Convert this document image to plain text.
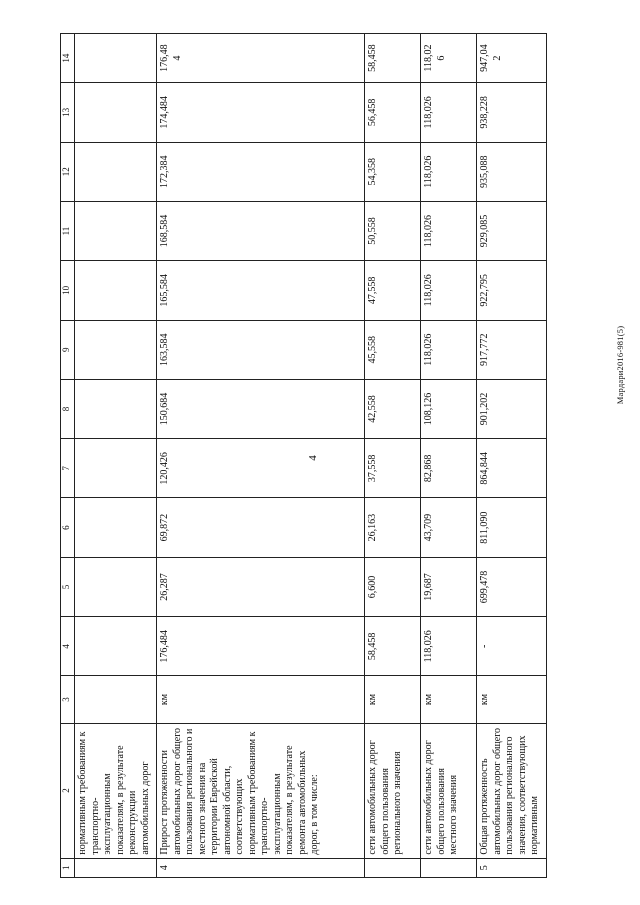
4
Мардари2016-981(5)
1	2	3	4	5	6	7	8	9	10	11	12	13	14
	нормативным требованиям к транспортно-эксплуатационным показателям, в результате реконструкции автомобильных дорог												
4	Прирост протяженности автомобильных дорог общего пользования регионального и местного значения на территории Еврейской автономной области, соответствующих нормативным требованиям к транспортно-эксплуатационным показателям, в результате ремонта автомобильных дорог, в том числе:	км	176,484	26,287	69,872	120,426	150,684	163,584	165,584	168,584	172,384	174,484	176,48
4
	сети автомобильных дорог общего пользования регионального значения	км	58,458	6,600	26,163	37,558	42,558	45,558	47,558	50,558	54,358	56,458	58,458
	сети автомобильных дорог общего пользования местного значения	км	118,026	19,687	43,709	82,868	108,126	118,026	118,026	118,026	118,026	118,026	118,02
6
5	Общая протяженность автомобильных дорог общего пользования регионального значения, соответствующих нормативным	км	-	699,478	811,090	864,844	901,202	917,772	922,795	929,085	935,088	938,228	947,04
2
